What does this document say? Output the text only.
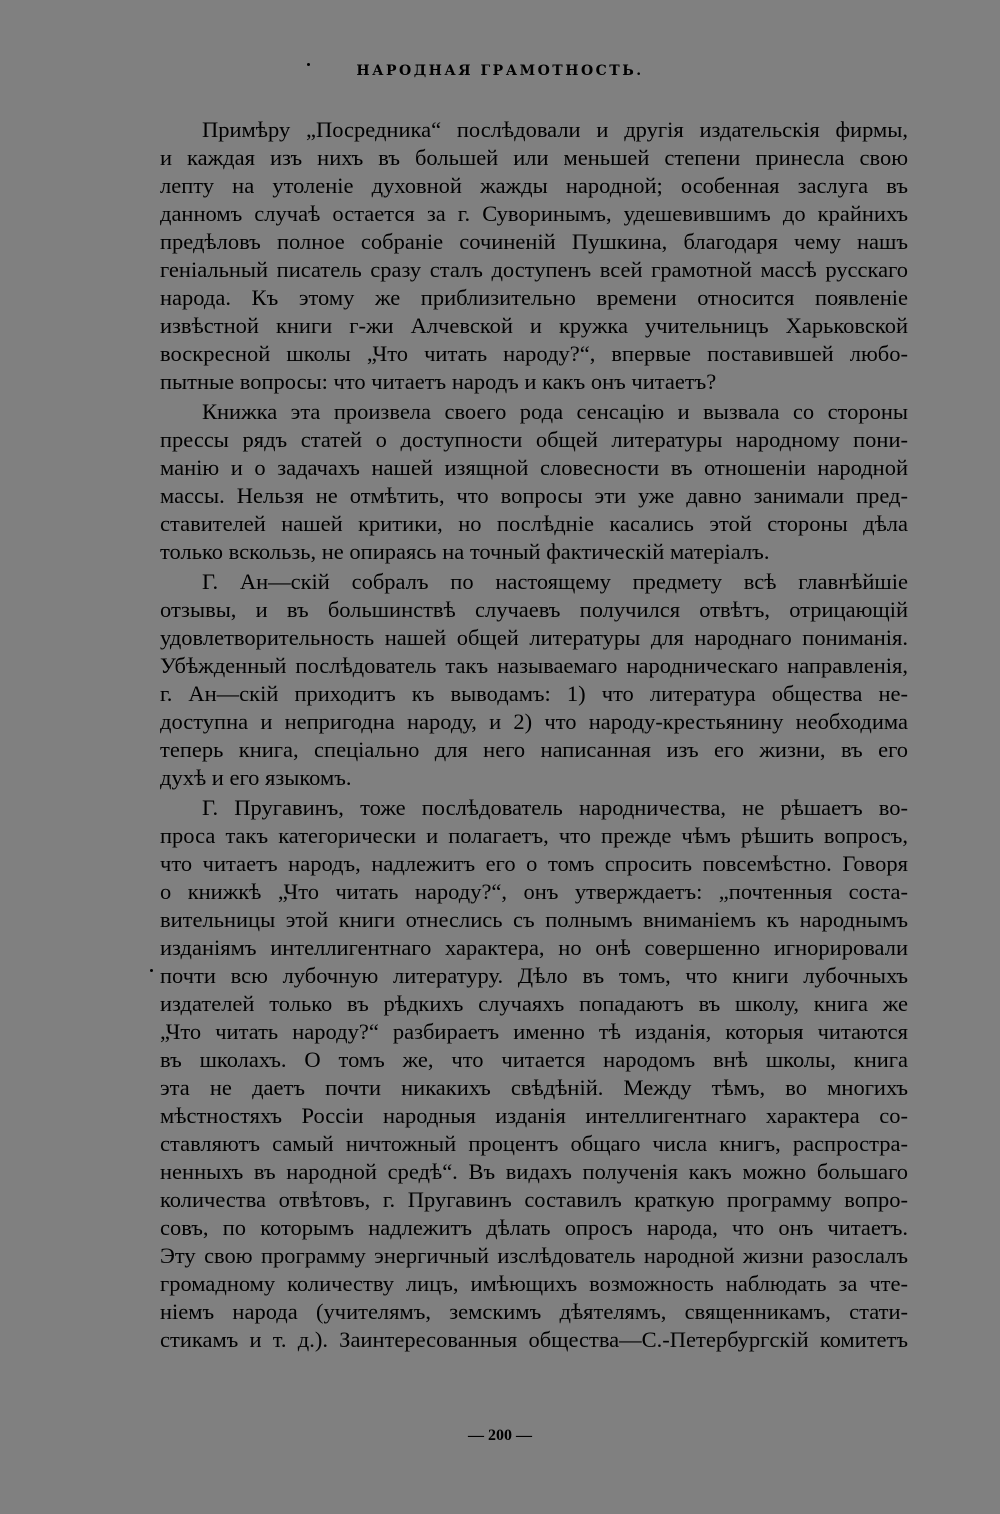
НАРОДНАЯ ГРАМОТНОСТЬ.

Примѣру „Посредника“ послѣдовали и другія издательскія фирмы,
и каждая изъ нихъ въ большей или меньшей степени принесла свою
лепту на утоленіе духовной жажды народной; особенная заслуга въ
данномъ случаѣ остается за г. Суворинымъ, удешевившимъ до крайнихъ
предѣловъ полное собраніе сочиненій Пушкина, благодаря чему нашъ
геніальный писатель сразу сталъ доступенъ всей грамотной массѣ русскаго
народа. Къ этому же приблизительно времени относится появленіе
извѣстной книги г-жи Алчевской и кружка учительницъ Харьковской
воскресной школы „Что читать народу?“, впервые поставившей любо-
пытные вопросы: что читаетъ народъ и какъ онъ читаетъ?

Книжка эта произвела своего рода сенсацію и вызвала со стороны
прессы рядъ статей о доступности общей литературы народному пони-
манію и о задачахъ нашей изящной словесности въ отношеніи народной
массы. Нельзя не отмѣтить, что вопросы эти уже давно занимали пред-
ставителей нашей критики, но послѣдніе касались этой стороны дѣла
только вскользь, не опираясь на точный фактическій матеріалъ.

Г. Ан—скій собралъ по настоящему предмету всѣ главнѣйшіе
отзывы, и въ большинствѣ случаевъ получился отвѣтъ, отрицающій
удовлетворительность нашей общей литературы для народнаго пониманія.
Убѣжденный послѣдователь такъ называемаго народническаго направленія,
г. Ан—скій приходитъ къ выводамъ: 1) что литература общества не-
доступна и непригодна народу, и 2) что народу-крестьянину необходима
теперь книга, спеціально для него написанная изъ его жизни, въ его
духѣ и его языкомъ.

Г. Пругавинъ, тоже послѣдователь народничества, не рѣшаетъ во-
проса такъ категорически и полагаетъ, что прежде чѣмъ рѣшить вопросъ,
что читаетъ народъ, надлежитъ его о томъ спросить повсемѣстно. Говоря
о книжкѣ „Что читать народу?“, онъ утверждаетъ: „почтенныя соста-
вительницы этой книги отнеслись съ полнымъ вниманіемъ къ народнымъ
изданіямъ интеллигентнаго характера, но онѣ совершенно игнорировали
почти всю лубочную литературу. Дѣло въ томъ, что книги лубочныхъ
издателей только въ рѣдкихъ случаяхъ попадаютъ въ школу, книга же
„Что читать народу?“ разбираетъ именно тѣ изданія, которыя читаются
въ школахъ. О томъ же, что читается народомъ внѣ школы, книга
эта не даетъ почти никакихъ свѣдѣній. Между тѣмъ, во многихъ
мѣстностяхъ Россіи народныя изданія интеллигентнаго характера со-
ставляютъ самый ничтожный процентъ общаго числа книгъ, распростра-
ненныхъ въ народной средѣ“. Въ видахъ полученія какъ можно большаго
количества отвѣтовъ, г. Пругавинъ составилъ краткую программу вопро-
совъ, по которымъ надлежитъ дѣлать опросъ народа, что онъ читаетъ.
Эту свою программу энергичный изслѣдователь народной жизни разослалъ
громадному количеству лицъ, имѣющихъ возможность наблюдать за чте-
ніемъ народа (учителямъ, земскимъ дѣятелямъ, священникамъ, стати-
стикамъ и т. д.). Заинтересованныя общества—С.-Петербургскій комитетъ

— 200 —
